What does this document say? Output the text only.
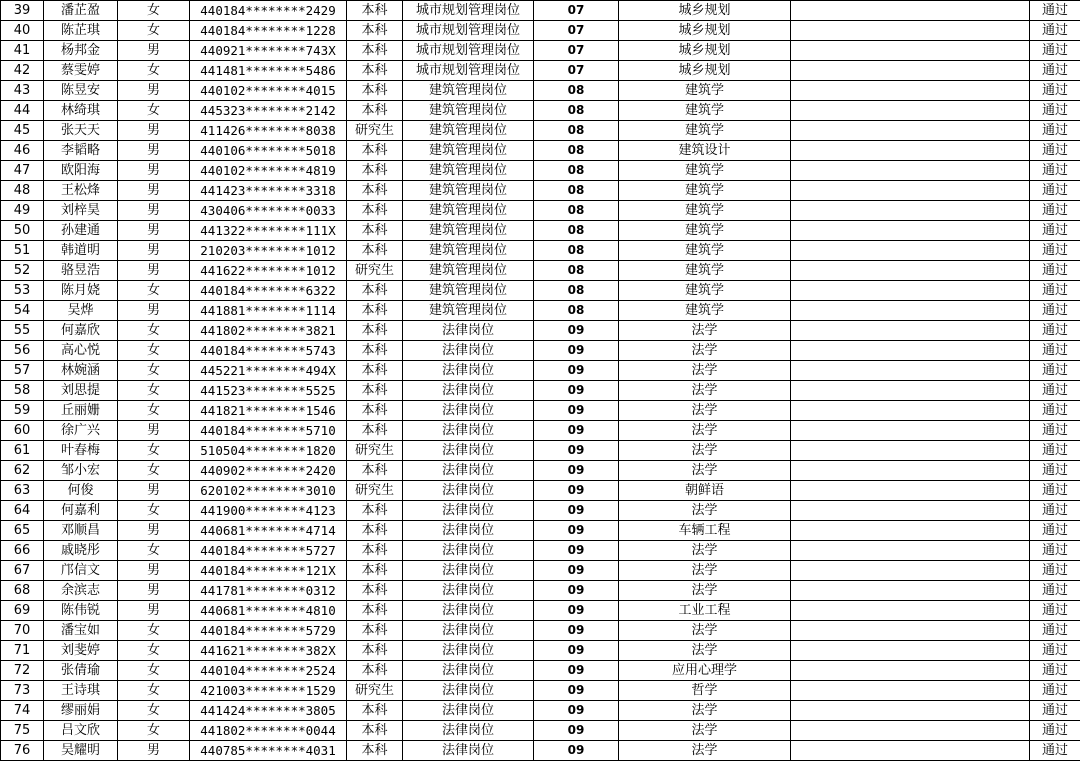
39	潘芷盈	女	440184********2429	本科	城市规划管理岗位	07	城乡规划		通过
40	陈芷琪	女	440184********1228	本科	城市规划管理岗位	07	城乡规划		通过
41	杨邦金	男	440921********743X	本科	城市规划管理岗位	07	城乡规划		通过
42	蔡雯婷	女	441481********5486	本科	城市规划管理岗位	07	城乡规划		通过
43	陈昱安	男	440102********4015	本科	建筑管理岗位	08	建筑学		通过
44	林绮琪	女	445323********2142	本科	建筑管理岗位	08	建筑学		通过
45	张天天	男	411426********8038	研究生	建筑管理岗位	08	建筑学		通过
46	李韬略	男	440106********5018	本科	建筑管理岗位	08	建筑设计		通过
47	欧阳海	男	440102********4819	本科	建筑管理岗位	08	建筑学		通过
48	王松烽	男	441423********3318	本科	建筑管理岗位	08	建筑学		通过
49	刘梓昊	男	430406********0033	本科	建筑管理岗位	08	建筑学		通过
50	孙建通	男	441322********111X	本科	建筑管理岗位	08	建筑学		通过
51	韩道明	男	210203********1012	本科	建筑管理岗位	08	建筑学		通过
52	骆昱浩	男	441622********1012	研究生	建筑管理岗位	08	建筑学		通过
53	陈月娆	女	440184********6322	本科	建筑管理岗位	08	建筑学		通过
54	吴烨	男	441881********1114	本科	建筑管理岗位	08	建筑学		通过
55	何嘉欣	女	441802********3821	本科	法律岗位	09	法学		通过
56	高心悦	女	440184********5743	本科	法律岗位	09	法学		通过
57	林婉涵	女	445221********494X	本科	法律岗位	09	法学		通过
58	刘思提	女	441523********5525	本科	法律岗位	09	法学		通过
59	丘丽姗	女	441821********1546	本科	法律岗位	09	法学		通过
60	徐广兴	男	440184********5710	本科	法律岗位	09	法学		通过
61	叶春梅	女	510504********1820	研究生	法律岗位	09	法学		通过
62	邹小宏	女	440902********2420	本科	法律岗位	09	法学		通过
63	何俊	男	620102********3010	研究生	法律岗位	09	朝鲜语		通过
64	何嘉利	女	441900********4123	本科	法律岗位	09	法学		通过
65	邓顺昌	男	440681********4714	本科	法律岗位	09	车辆工程		通过
66	戚晓彤	女	440184********5727	本科	法律岗位	09	法学		通过
67	邝信文	男	440184********121X	本科	法律岗位	09	法学		通过
68	余滨志	男	441781********0312	本科	法律岗位	09	法学		通过
69	陈伟锐	男	440681********4810	本科	法律岗位	09	工业工程		通过
70	潘宝如	女	440184********5729	本科	法律岗位	09	法学		通过
71	刘斐婷	女	441621********382X	本科	法律岗位	09	法学		通过
72	张倩瑜	女	440104********2524	本科	法律岗位	09	应用心理学		通过
73	王诗琪	女	421003********1529	研究生	法律岗位	09	哲学		通过
74	缪丽娟	女	441424********3805	本科	法律岗位	09	法学		通过
75	吕文欣	女	441802********0044	本科	法律岗位	09	法学		通过
76	吴耀明	男	440785********4031	本科	法律岗位	09	法学		通过
